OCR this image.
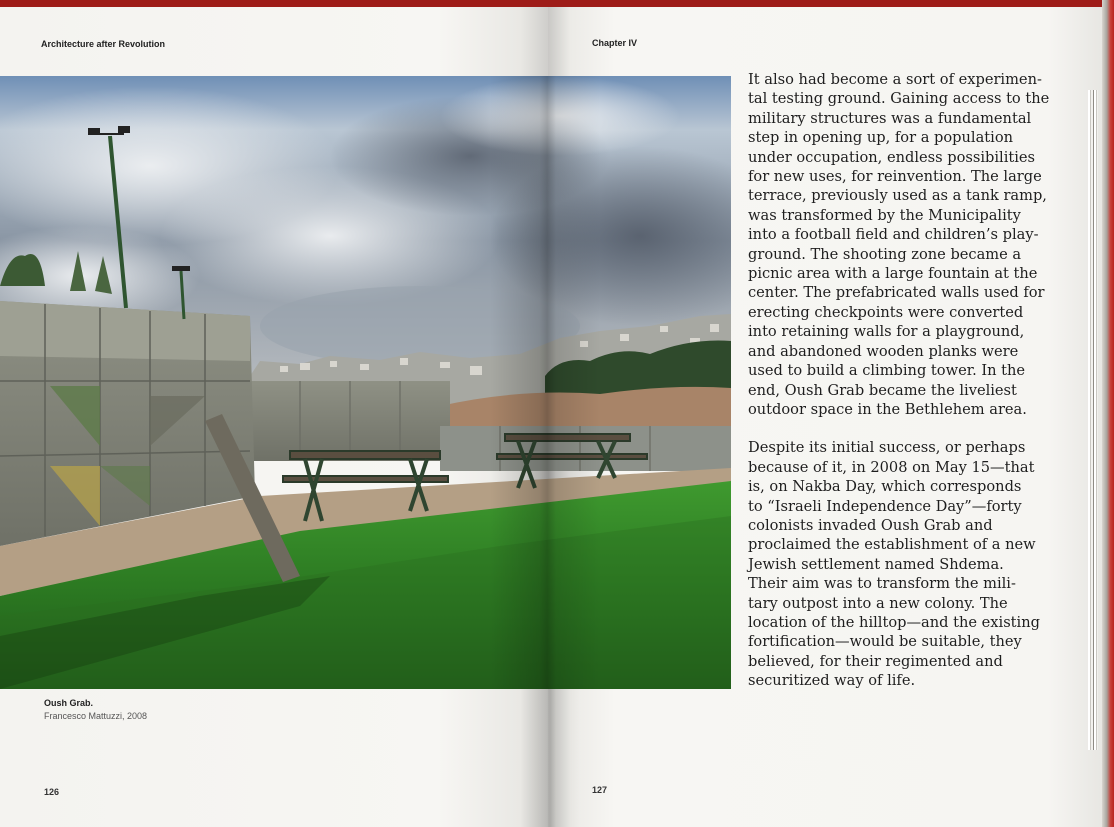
Architecture after Revolution	Chapter IV
Oush Grab.
Francesco Mattuzzi, 2008

It also had become a sort of experimen-
tal testing ground. Gaining access to the
military structures was a fundamental
step in opening up, for a population
under occupation, endless possibilities
for new uses, for reinvention. The large
terrace, previously used as a tank ramp,
was transformed by the Municipality
into a football field and children’s play-
ground. The shooting zone became a
picnic area with a large fountain at the
center. The prefabricated walls used for
erecting checkpoints were converted
into retaining walls for a playground,
and abandoned wooden planks were
used to build a climbing tower. In the
end, Oush Grab became the liveliest
outdoor space in the Bethlehem area.

Despite its initial success, or perhaps
because of it, in 2008 on May 15—that
is, on Nakba Day, which corresponds
to “Israeli Independence Day”—forty
colonists invaded Oush Grab and
proclaimed the establishment of a new
Jewish settlement named Shdema.
Their aim was to transform the mili-
tary outpost into a new colony. The
location of the hilltop—and the existing
fortification—would be suitable, they
believed, for their regimented and
securitized way of life.

126	127
